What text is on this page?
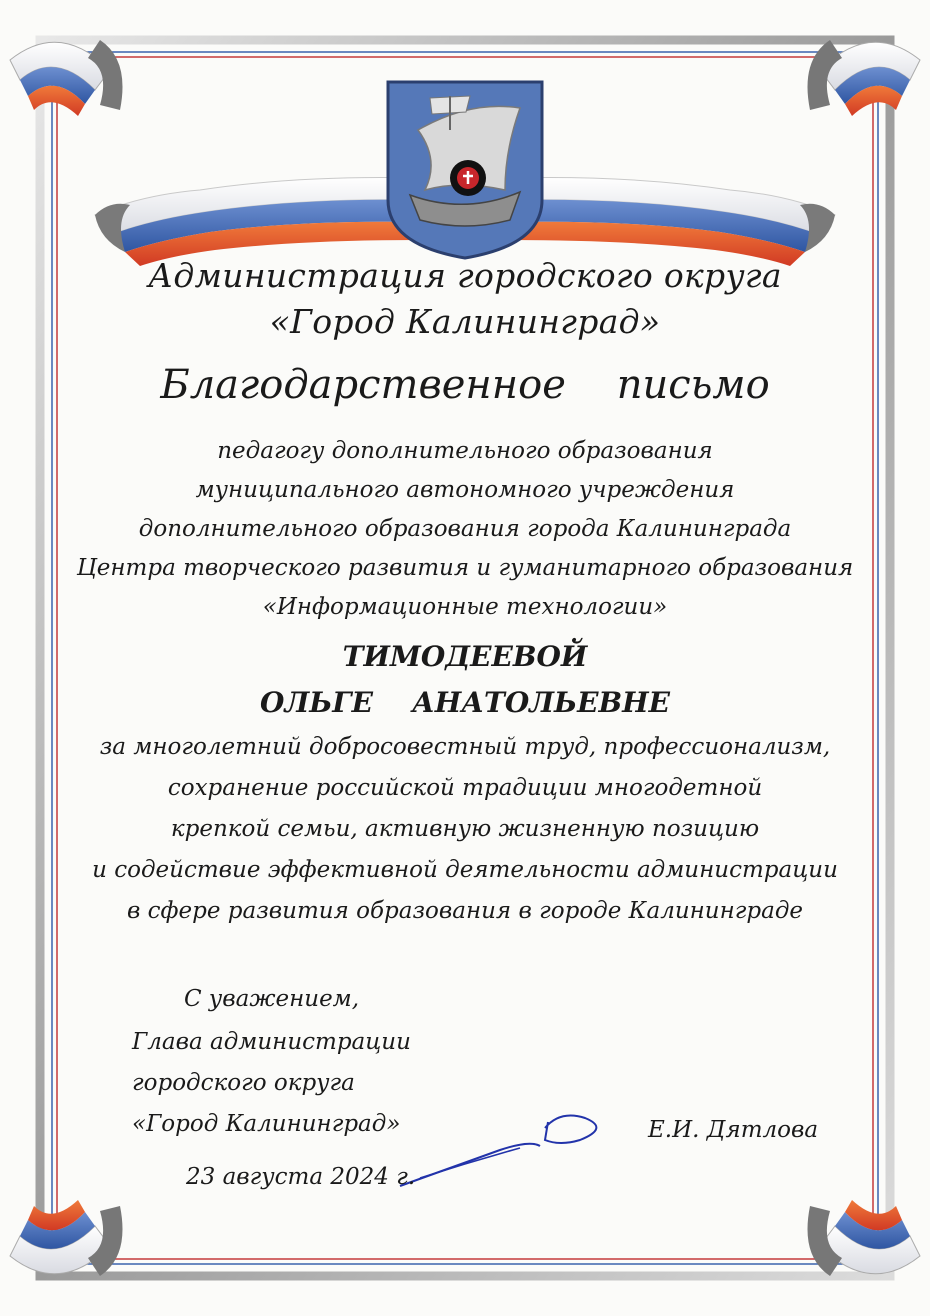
Администрация городского округа

«Город Калининград»

Благодарственное    письмо

педагогу дополнительного образования

муниципального автономного учреждения

дополнительного образования города Калининграда

Центра творческого развития и гуманитарного образования

«Информационные технологии»

ТИМОДЕЕВОЙ

ОЛЬГЕ    АНАТОЛЬЕВНЕ

за многолетний добросовестный труд, профессионализм,

сохранение российской традиции многодетной

крепкой семьи, активную жизненную позицию

и содействие эффективной деятельности администрации

в сфере развития образования в городе Калининграде

С уважением,

Глава администрации

городского округа

«Город Калининград»	Е.И. Дятлова

23 августа 2024 г.
